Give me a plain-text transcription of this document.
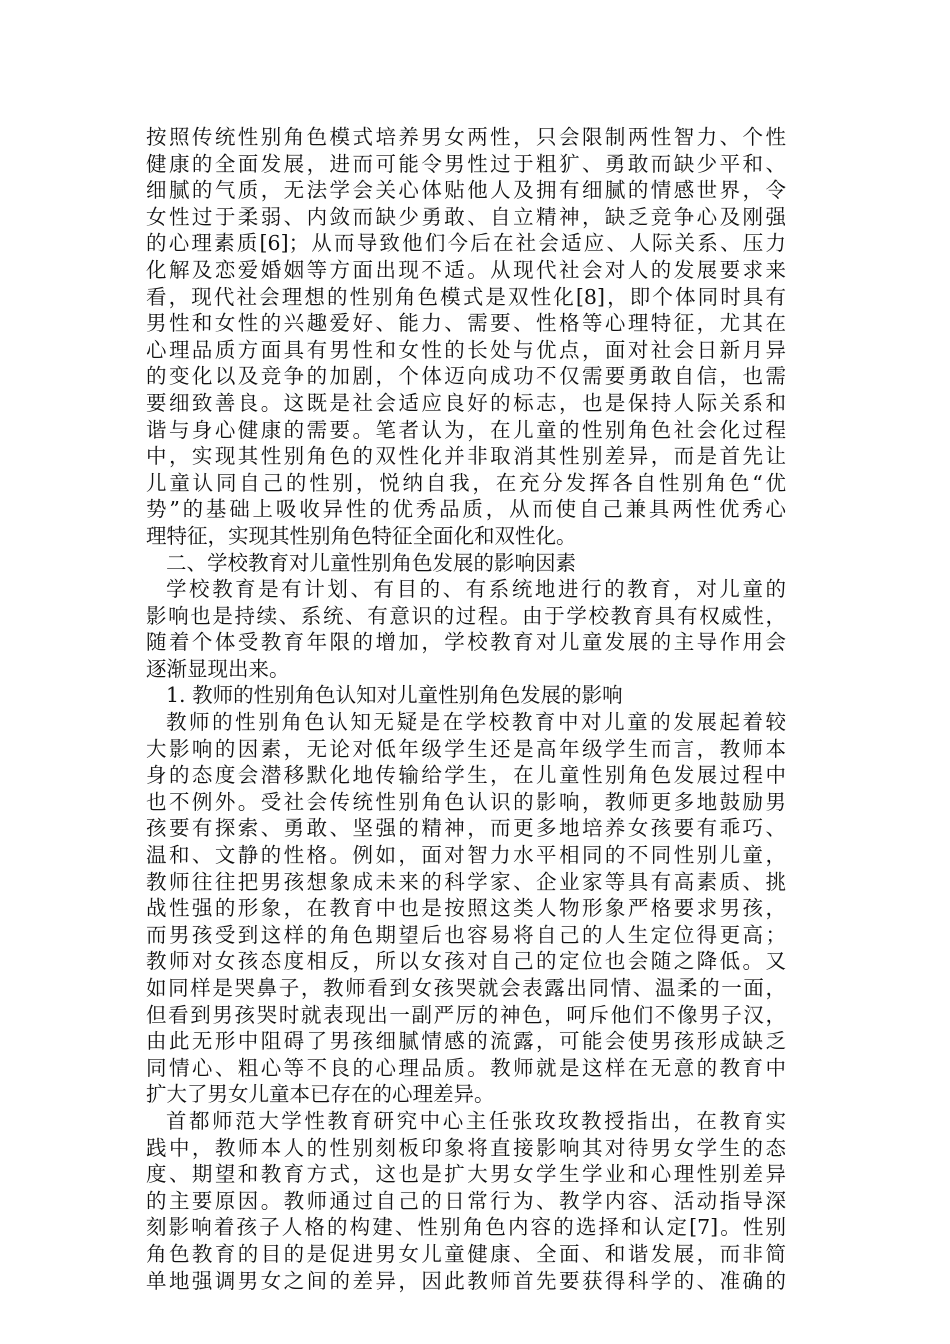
按照传统性别角色模式培养男女两性，只会限制两性智力、个性
健康的全面发展，进而可能令男性过于粗犷、勇敢而缺少平和、
细腻的气质，无法学会关心体贴他人及拥有细腻的情感世界，令
女性过于柔弱、内敛而缺少勇敢、自立精神，缺乏竞争心及刚强
的心理素质[6]；从而导致他们今后在社会适应、人际关系、压力
化解及恋爱婚姻等方面出现不适。从现代社会对人的发展要求来
看，现代社会理想的性别角色模式是双性化[8]，即个体同时具有
男性和女性的兴趣爱好、能力、需要、性格等心理特征，尤其在
心理品质方面具有男性和女性的长处与优点，面对社会日新月异
的变化以及竞争的加剧，个体迈向成功不仅需要勇敢自信，也需
要细致善良。这既是社会适应良好的标志，也是保持人际关系和
谐与身心健康的需要。笔者认为，在儿童的性别角色社会化过程
中，实现其性别角色的双性化并非取消其性别差异，而是首先让
儿童认同自己的性别，悦纳自我，在充分发挥各自性别角色“优
势”的基础上吸收异性的优秀品质，从而使自己兼具两性优秀心
理特征，实现其性别角色特征全面化和双性化。
二、学校教育对儿童性别角色发展的影响因素
学校教育是有计划、有目的、有系统地进行的教育，对儿童的
影响也是持续、系统、有意识的过程。由于学校教育具有权威性，
随着个体受教育年限的增加，学校教育对儿童发展的主导作用会
逐渐显现出来。
1. 教师的性别角色认知对儿童性别角色发展的影响
教师的性别角色认知无疑是在学校教育中对儿童的发展起着较
大影响的因素，无论对低年级学生还是高年级学生而言，教师本
身的态度会潜移默化地传输给学生，在儿童性别角色发展过程中
也不例外。受社会传统性别角色认识的影响，教师更多地鼓励男
孩要有探索、勇敢、坚强的精神，而更多地培养女孩要有乖巧、
温和、文静的性格。例如，面对智力水平相同的不同性别儿童，
教师往往把男孩想象成未来的科学家、企业家等具有高素质、挑
战性强的形象，在教育中也是按照这类人物形象严格要求男孩，
而男孩受到这样的角色期望后也容易将自己的人生定位得更高；
教师对女孩态度相反，所以女孩对自己的定位也会随之降低。又
如同样是哭鼻子，教师看到女孩哭就会表露出同情、温柔的一面，
但看到男孩哭时就表现出一副严厉的神色，呵斥他们不像男子汉，
由此无形中阻碍了男孩细腻情感的流露，可能会使男孩形成缺乏
同情心、粗心等不良的心理品质。教师就是这样在无意的教育中
扩大了男女儿童本已存在的心理差异。
首都师范大学性教育研究中心主任张玫玫教授指出，在教育实
践中，教师本人的性别刻板印象将直接影响其对待男女学生的态
度、期望和教育方式，这也是扩大男女学生学业和心理性别差异
的主要原因。教师通过自己的日常行为、教学内容、活动指导深
刻影响着孩子人格的构建、性别角色内容的选择和认定[7]。性别
角色教育的目的是促进男女儿童健康、全面、和谐发展，而非简
单地强调男女之间的差异，因此教师首先要获得科学的、准确的
